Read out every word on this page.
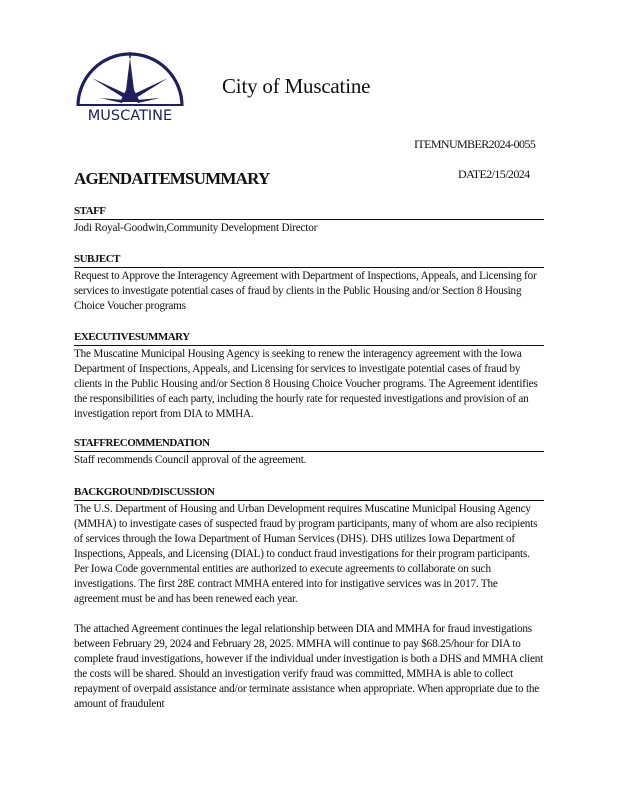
MUSCATINE
City of Muscatine
ITEMNUMBER2024-0055
AGENDAITEMSUMMARY	DATE2/15/2024
STAFF
Jodi Royal-Goodwin,Community Development Director
SUBJECT
Request to Approve the Interagency Agreement with Department of Inspections, Appeals, and Licensing for services to investigate potential cases of fraud by clients in the Public Housing and/or Section 8 Housing Choice Voucher programs
EXECUTIVESUMMARY
The Muscatine Municipal Housing Agency is seeking to renew the interagency agreement with the Iowa Department of Inspections, Appeals, and Licensing for services to investigate potential cases of fraud by clients in the Public Housing and/or Section 8 Housing Choice Voucher programs. The Agreement identifies the responsibilities of each party, including the hourly rate for requested investigations and provision of an investigation report from DIA to MMHA.
STAFFRECOMMENDATION
Staff recommends Council approval of the agreement.
BACKGROUND/DISCUSSION

The U.S. Department of Housing and Urban Development requires Muscatine Municipal Housing Agency (MMHA) to investigate cases of suspected fraud by program participants, many of whom are also recipients of services through the Iowa Department of Human Services (DHS). DHS utilizes Iowa Department of Inspections, Appeals, and Licensing (DIAL) to conduct fraud investigations for their program participants. Per Iowa Code governmental entities are authorized to execute agreements to collaborate on such investigations. The first 28E contract MMHA entered into for instigative services was in 2017. The agreement must be and has been renewed each year.

The attached Agreement continues the legal relationship between DIA and MMHA for fraud investigations between February 29, 2024 and February 28, 2025. MMHA will continue to pay $68.25/hour for DIA to complete fraud investigations, however if the individual under investigation is both a DHS and MMHA client the costs will be shared. Should an investigation verify fraud was committed, MMHA is able to collect repayment of overpaid assistance and/or terminate assistance when appropriate. When appropriate due to the amount of fraudulent
